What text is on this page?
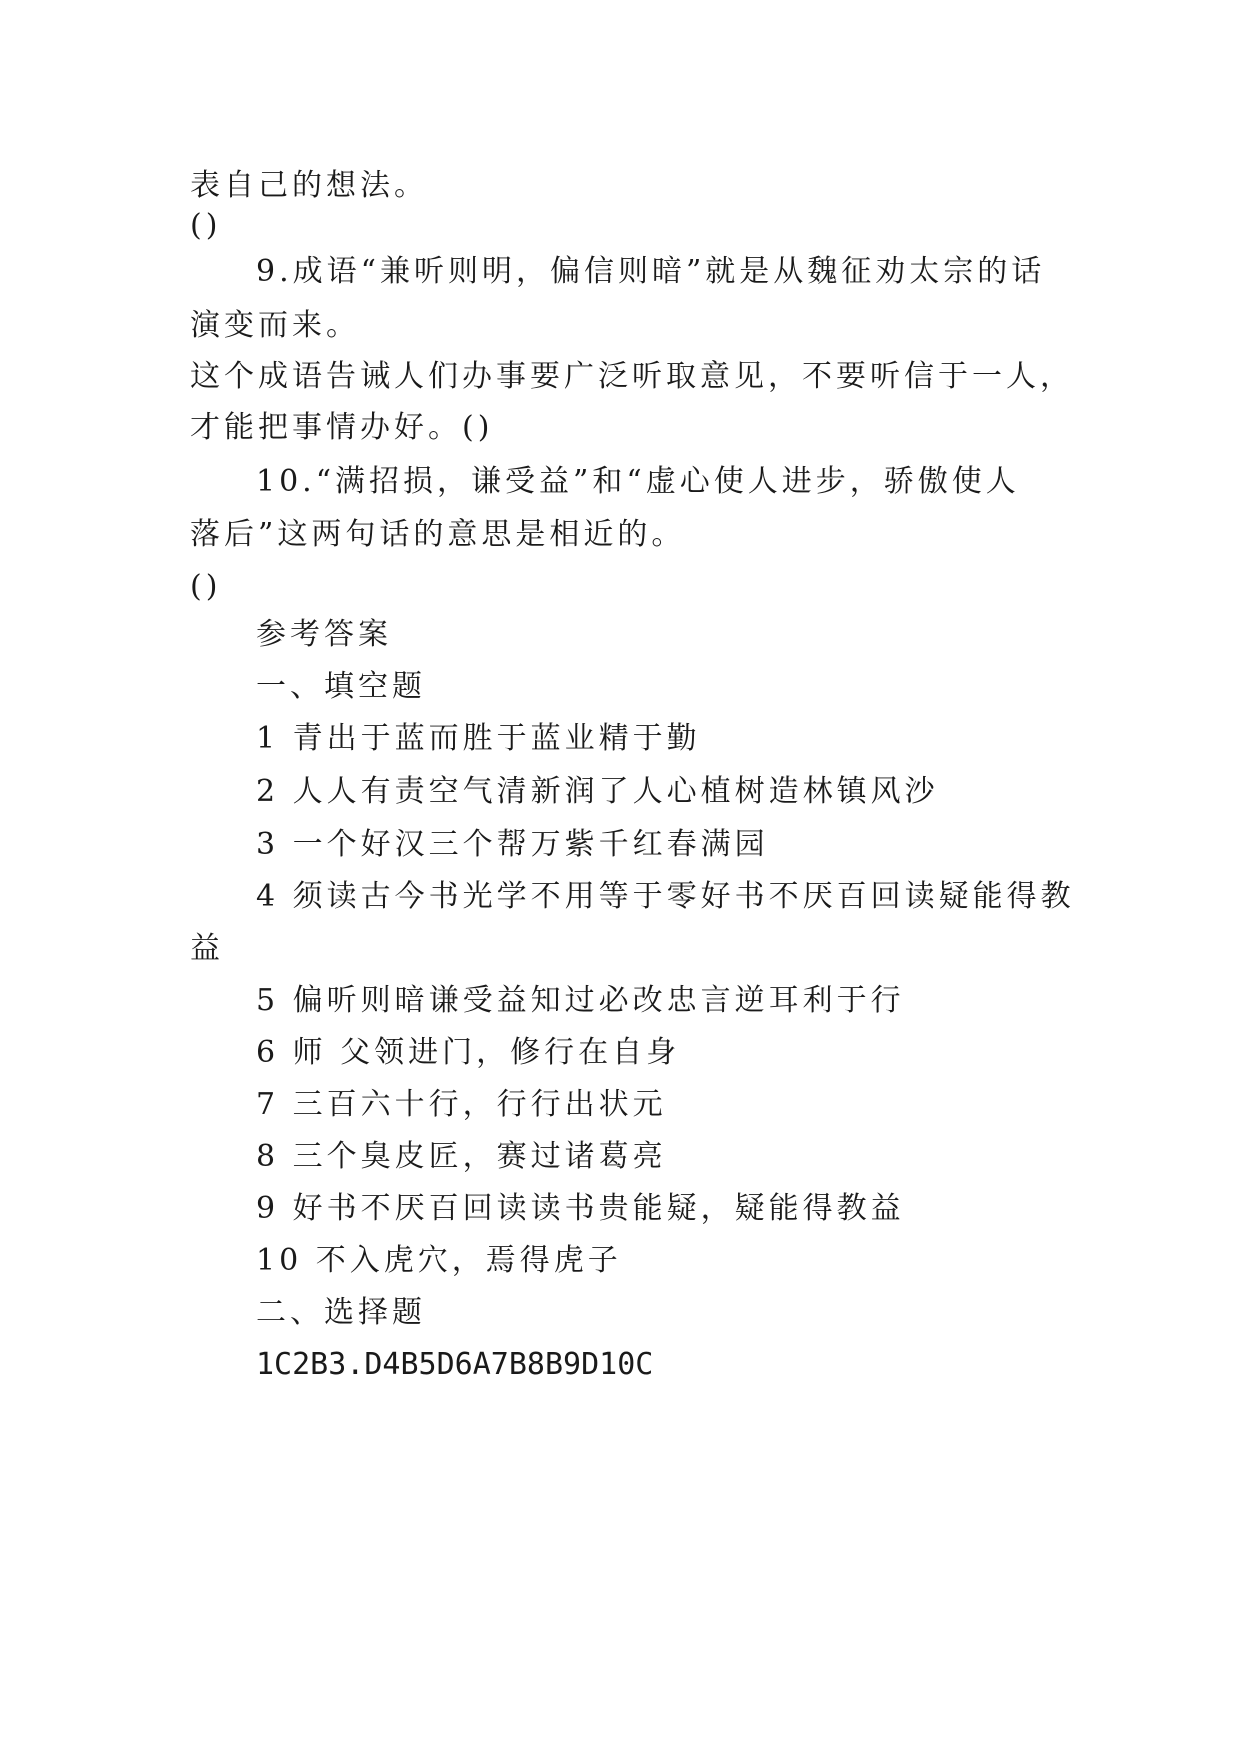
表自己的想法。
()
9.成语“兼听则明，偏信则暗”就是从魏征劝太宗的话
演变而来。
这个成语告诫人们办事要广泛听取意见，不要听信于一人，
才能把事情办好。()
10.“满招损，谦受益”和“虚心使人进步，骄傲使人
落后”这两句话的意思是相近的。
()
参考答案
一、填空题
1 青出于蓝而胜于蓝业精于勤
2 人人有责空气清新润了人心植树造林镇风沙
3 一个好汉三个帮万紫千红春满园
4 须读古今书光学不用等于零好书不厌百回读疑能得教
益
5 偏听则暗谦受益知过必改忠言逆耳利于行
6 师 父领进门，修行在自身
7 三百六十行，行行出状元
8 三个臭皮匠，赛过诸葛亮
9 好书不厌百回读读书贵能疑，疑能得教益
10 不入虎穴，焉得虎子
二、选择题
1C2B3.D4B5D6A7B8B9D10C
